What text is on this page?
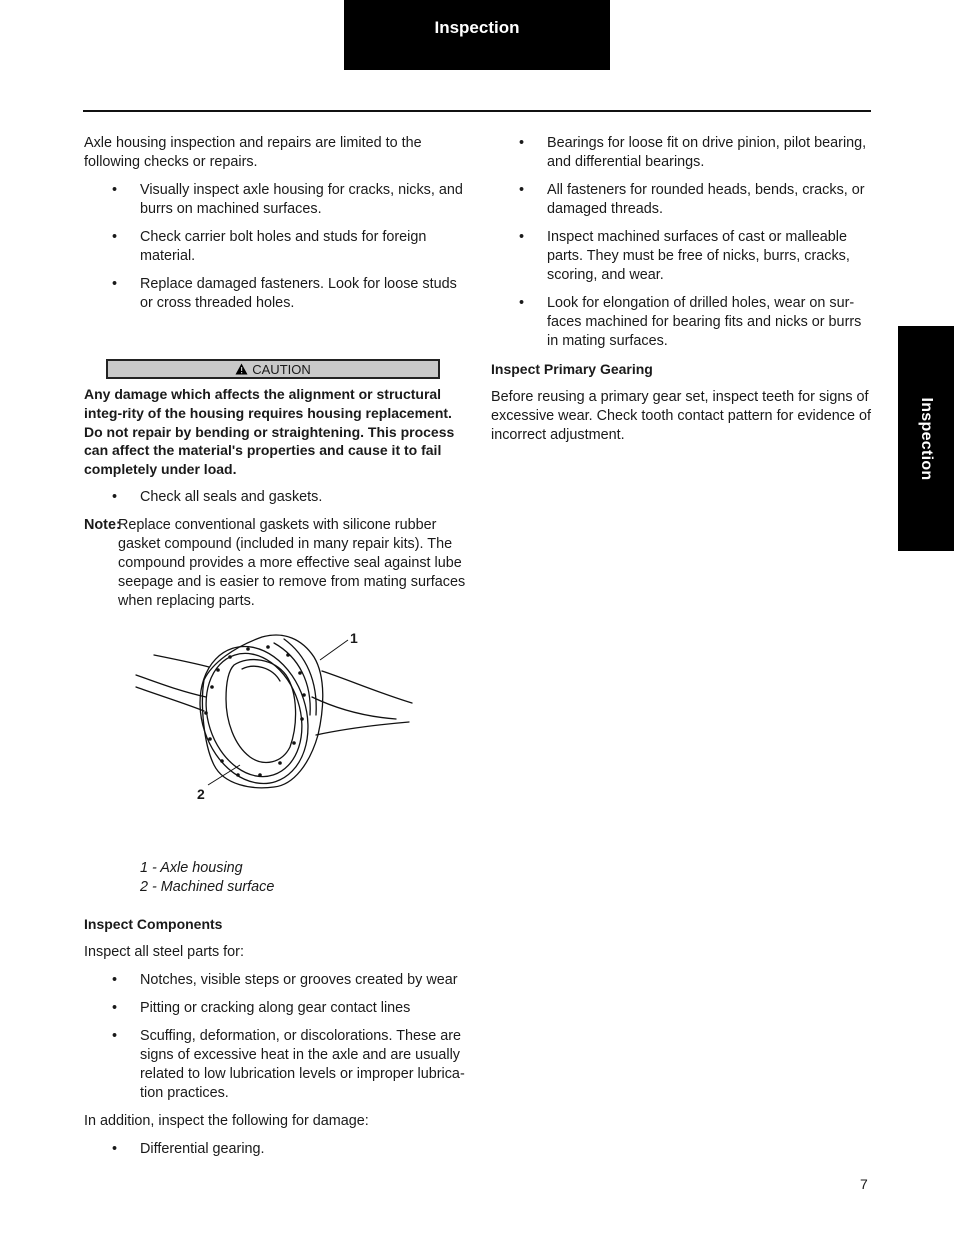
Inspection
Inspection

Axle housing inspection and repairs are limited to the following checks or repairs.

• Visually inspect axle housing for cracks, nicks, and burrs on machined surfaces.
• Check carrier bolt holes and studs for foreign material.
• Replace damaged fasteners. Look for loose studs or cross threaded holes.
CAUTION

Any damage which affects the alignment or structural integ-rity of the housing requires housing replacement. Do not repair by bending or straightening. This process can affect the material's properties and cause it to fail completely under load.

• Check all seals and gaskets.
Note:
Replace conventional gaskets with silicone rubber gasket compound (included in many repair kits). The compound provides a more effective seal against lube seepage and is easier to remove from mating surfaces when replacing parts.
1
2
1 - Axle housing
2 - Machined surface
Inspect Components

Inspect all steel parts for:

• Notches, visible steps or grooves created by wear
• Pitting or cracking along gear contact lines
• Scuffing, deformation, or discolorations. These are signs of excessive heat in the axle and are usually related to low lubrication levels or improper lubrica-tion practices.

In addition, inspect the following for damage:

• Differential gearing.
• Bearings for loose fit on drive pinion, pilot bearing, and differential bearings.
• All fasteners for rounded heads, bends, cracks, or damaged threads.
• Inspect machined surfaces of cast or malleable parts. They must be free of nicks, burrs, cracks, scoring, and wear.
• Look for elongation of drilled holes, wear on sur-faces machined for bearing fits and nicks or burrs in mating surfaces.
Inspect Primary Gearing

Before reusing a primary gear set, inspect teeth for signs of excessive wear. Check tooth contact pattern for evidence of incorrect adjustment.

7
